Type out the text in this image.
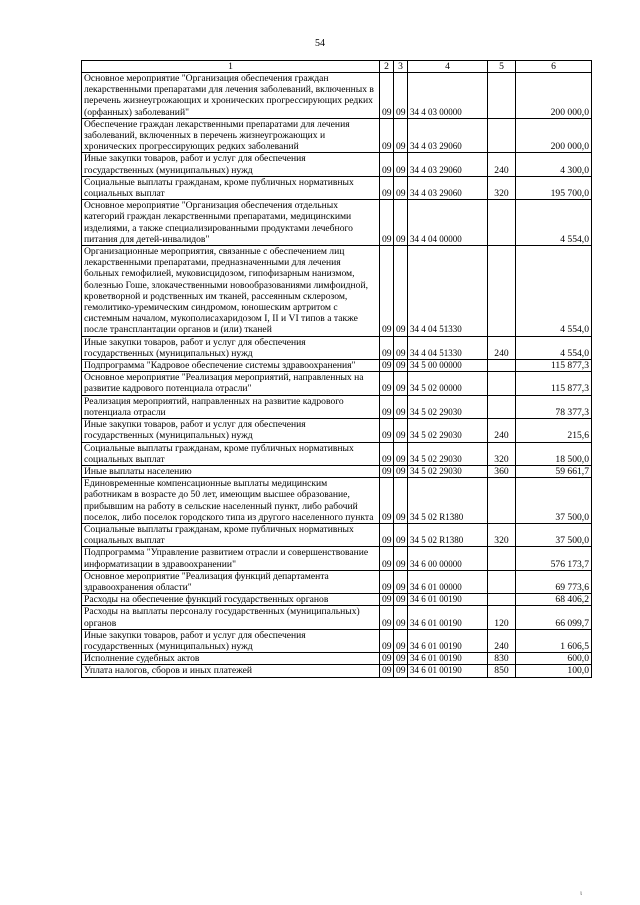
54
1	2	3	4	5	6
Основное мероприятие "Организация обеспечения граждан лекарственными препаратами для лечения заболеваний, включенных в перечень жизнеугрожающих и хронических прогрессирующих редких (орфанных) заболеваний"	09	09	34 4 03 00000		200 000,0
Обеспечение граждан лекарственными препаратами для лечения заболеваний, включенных в перечень жизнеугрожающих и хронических прогрессирующих редких заболеваний	09	09	34 4 03 29060		200 000,0
Иные закупки товаров, работ и услуг для обеспечения государственных (муниципальных) нужд	09	09	34 4 03 29060	240	4 300,0
Социальные выплаты гражданам, кроме публичных нормативных социальных выплат	09	09	34 4 03 29060	320	195 700,0
Основное мероприятие "Организация обеспечения отдельных категорий граждан лекарственными препаратами, медицинскими изделиями, а также специализированными продуктами лечебного питания для детей-инвалидов"	09	09	34 4 04 00000		4 554,0
Организационные мероприятия, связанные с обеспечением лиц лекарственными препаратами, предназначенными для лечения больных гемофилией, муковисцидозом, гипофизарным нанизмом, болезнью Гоше, злокачественными новообразованиями лимфоидной, кроветворной и родственных им тканей, рассеянным склерозом, гемолитико-уремическим синдромом, юношеским артритом с системным началом, мукополисахаридозом I, II и VI типов а также после трансплантации органов и (или) тканей	09	09	34 4 04 51330		4 554,0
Иные закупки товаров, работ и услуг для обеспечения государственных (муниципальных) нужд	09	09	34 4 04 51330	240	4 554,0
Подпрограмма "Кадровое обеспечение системы здравоохранения"	09	09	34 5 00 00000		115 877,3
Основное мероприятие "Реализация мероприятий, направленных на развитие кадрового потенциала отрасли"	09	09	34 5 02 00000		115 877,3
Реализация мероприятий, направленных на развитие кадрового потенциала отрасли	09	09	34 5 02 29030		78 377,3
Иные закупки товаров, работ и услуг для обеспечения государственных (муниципальных) нужд	09	09	34 5 02 29030	240	215,6
Социальные выплаты гражданам, кроме публичных нормативных социальных выплат	09	09	34 5 02 29030	320	18 500,0
Иные выплаты населению	09	09	34 5 02 29030	360	59 661,7
Единовременные компенсационные выплаты медицинским работникам в возрасте до 50 лет, имеющим высшее образование, прибывшим на работу в сельские населенный пункт, либо рабочий поселок, либо поселок городского типа из другого населенного пункта	09	09	34 5 02 R1380		37 500,0
Социальные выплаты гражданам, кроме публичных нормативных социальных выплат	09	09	34 5 02 R1380	320	37 500,0
Подпрограмма "Управление развитием отрасли и совершенствование информатизации в здравоохранении"	09	09	34 6 00 00000		576 173,7
Основное мероприятие "Реализация функций департамента здравоохранения области"	09	09	34 6 01 00000		69 773,6
Расходы на обеспечение функций государственных органов	09	09	34 6 01 00190		68 406,2
Расходы на выплаты персоналу государственных (муниципальных) органов	09	09	34 6 01 00190	120	66 099,7
Иные закупки товаров, работ и услуг для обеспечения государственных (муниципальных) нужд	09	09	34 6 01 00190	240	1 606,5
Исполнение судебных актов	09	09	34 6 01 00190	830	600,0
Уплата налогов, сборов и иных платежей	09	09	34 6 01 00190	850	100,0
ι
